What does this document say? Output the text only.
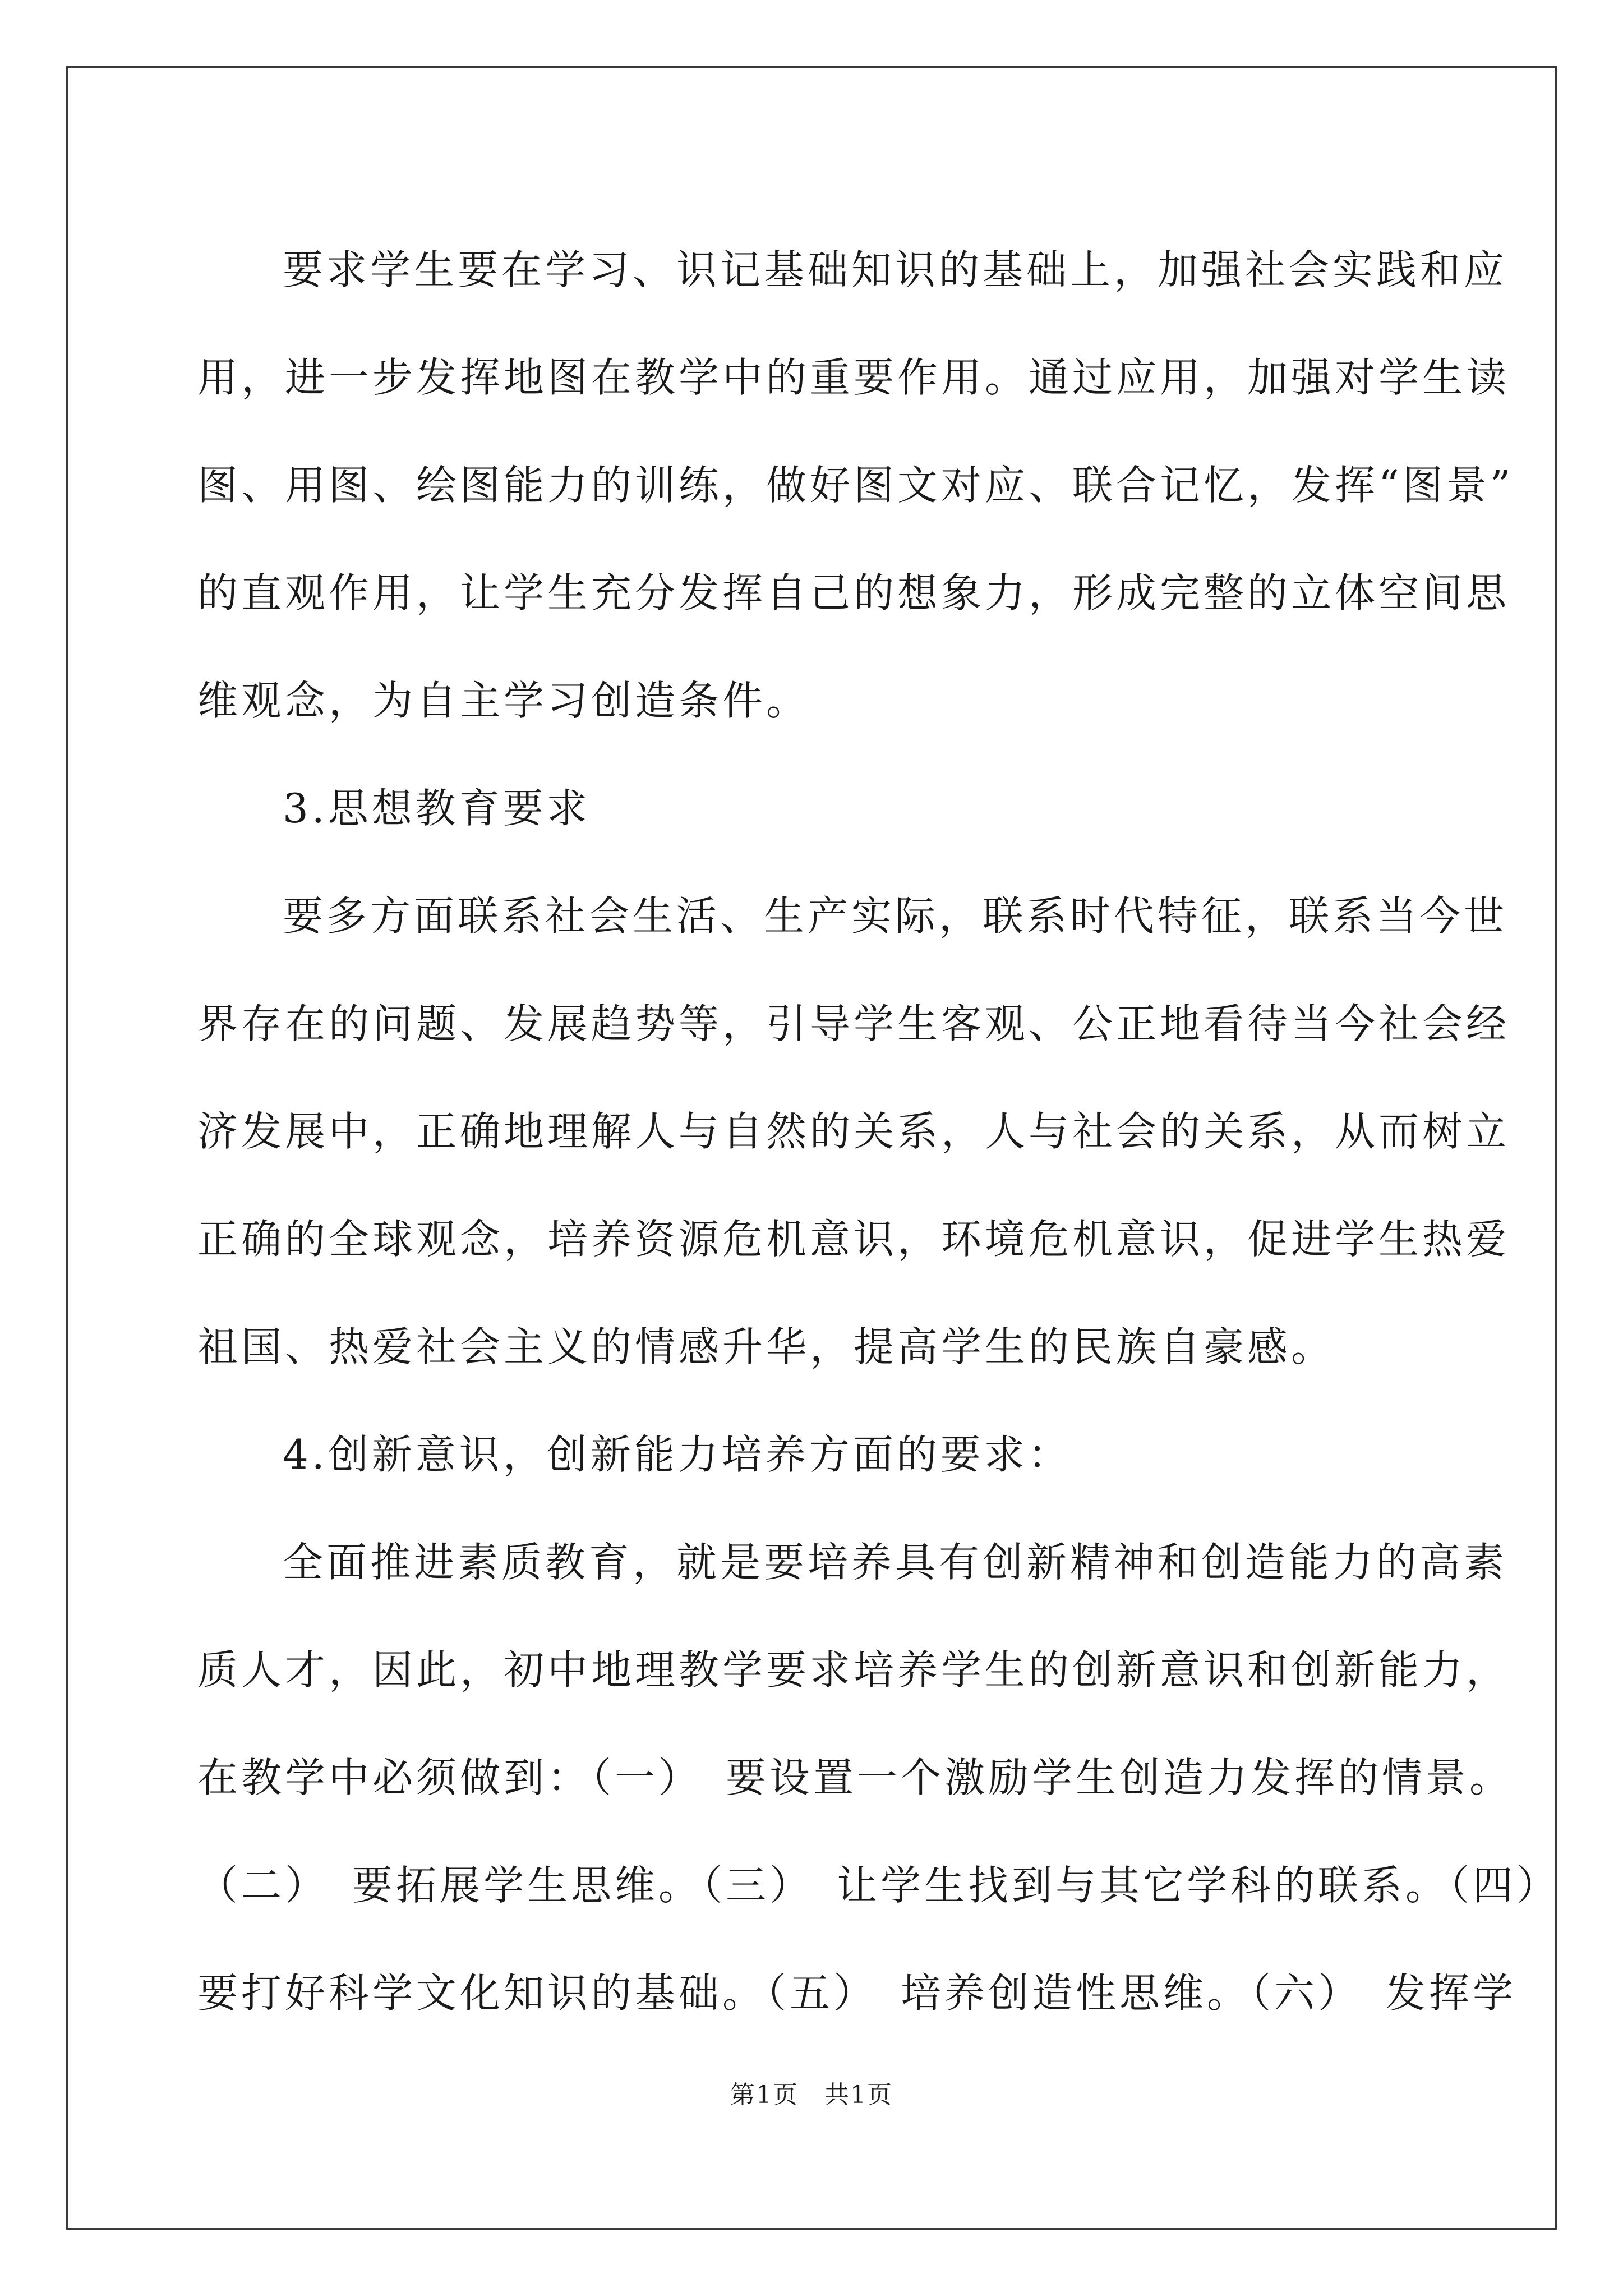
要求学生要在学习、识记基础知识的基础上，加强社会实践和应
用，进一步发挥地图在教学中的重要作用。通过应用，加强对学生读
图、用图、绘图能力的训练，做好图文对应、联合记忆，发挥“图景”
的直观作用，让学生充分发挥自己的想象力，形成完整的立体空间思
维观念，为自主学习创造条件。
3.思想教育要求
要多方面联系社会生活、生产实际，联系时代特征，联系当今世
界存在的问题、发展趋势等，引导学生客观、公正地看待当今社会经
济发展中，正确地理解人与自然的关系，人与社会的关系，从而树立
正确的全球观念，培养资源危机意识，环境危机意识，促进学生热爱
祖国、热爱社会主义的情感升华，提高学生的民族自豪感。
4.创新意识，创新能力培养方面的要求：
全面推进素质教育，就是要培养具有创新精神和创造能力的高素
质人才，因此，初中地理教学要求培养学生的创新意识和创新能力，
在教学中必须做到：（一）　要设置一个激励学生创造力发挥的情景。
（二）　要拓展学生思维。（三）　让学生找到与其它学科的联系。（四）
要打好科学文化知识的基础。（五）　培养创造性思维。（六）　发挥学
第1页　共1页
